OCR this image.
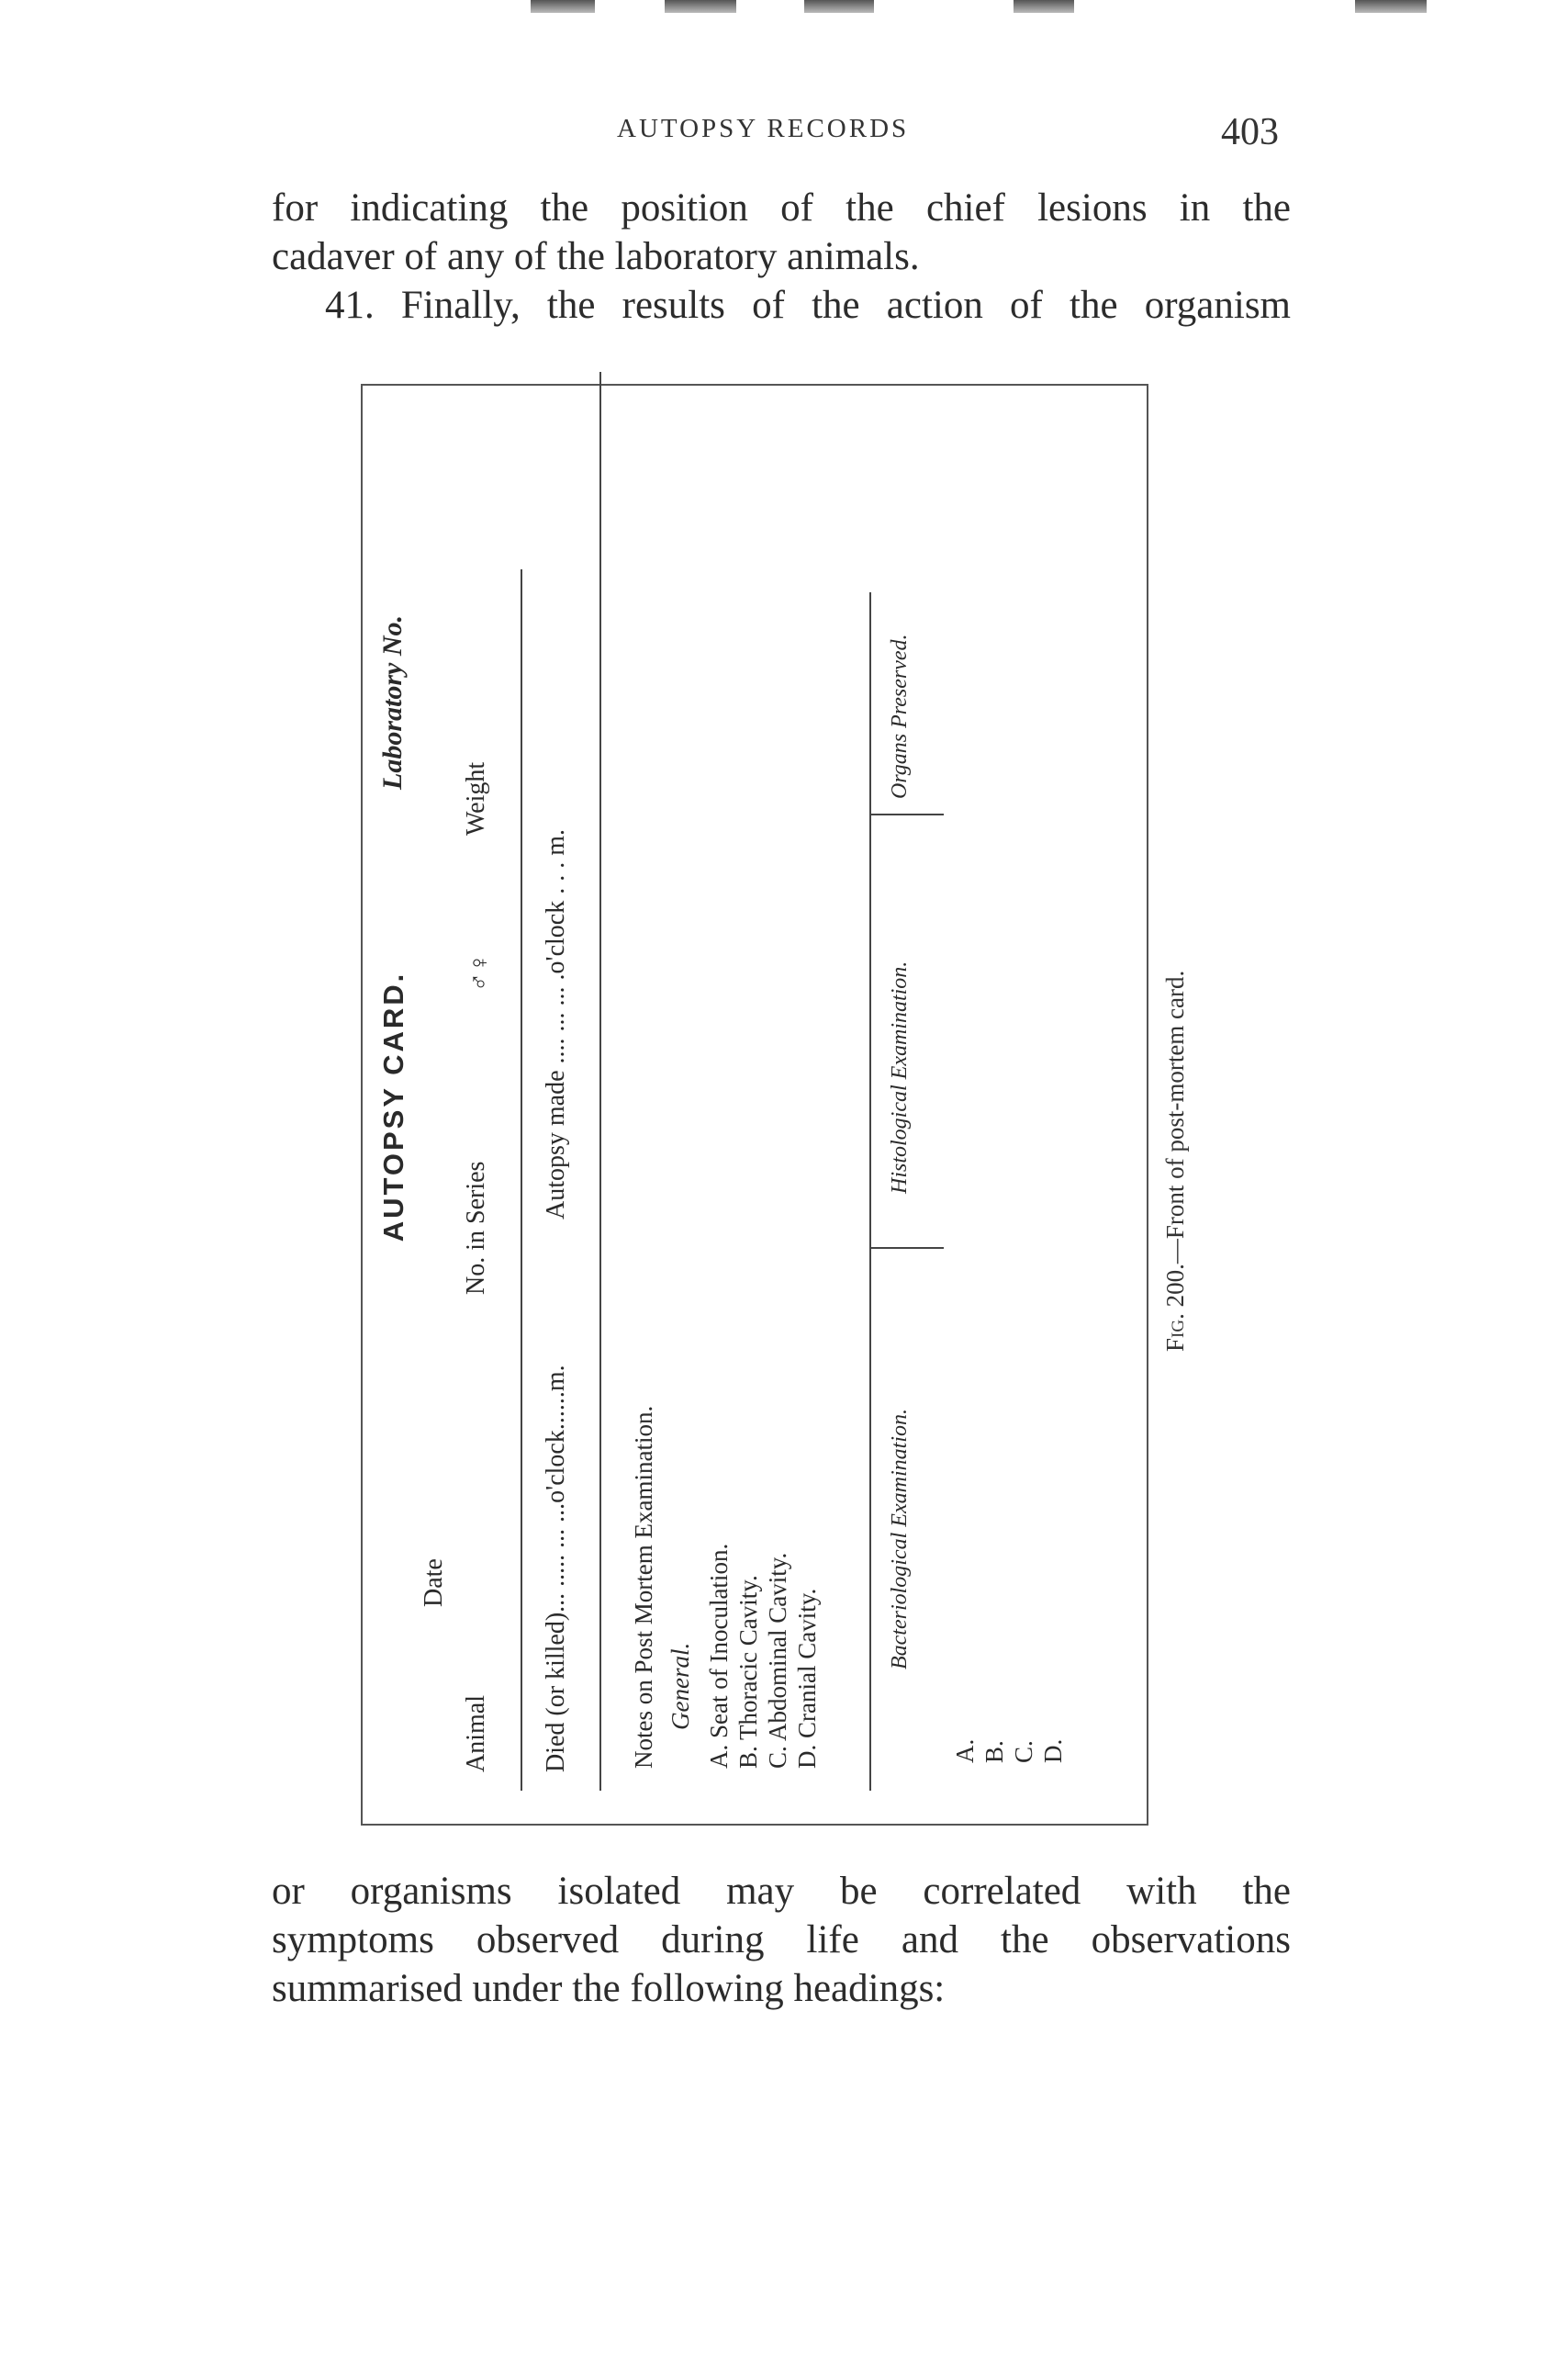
AUTOPSY RECORDS	403
for indicating the position of the chief lesions in the
cadaver of any of the laboratory animals.
41. Finally, the results of the action of the organism
AUTOPSY CARD.
Laboratory No.
Date
Animal
No. in Series
♂♀
Weight
Died (or killed)... ..... ... ...o'clock......m.
Autopsy made .... ... ... .o'clock . . . m.
Notes on Post Mortem Examination. General. A. Seat of Inoculation. B. Thoracic Cavity. C. Abdominal Cavity. D. Cranial Cavity.
Bacteriological Examination.
Histological Examination.
Organs Preserved.
A. B. C. D.
Fig. 200.—Front of post-mortem card.
or organisms isolated may be correlated with the
symptoms observed during life and the observations
summarised under the following headings:
